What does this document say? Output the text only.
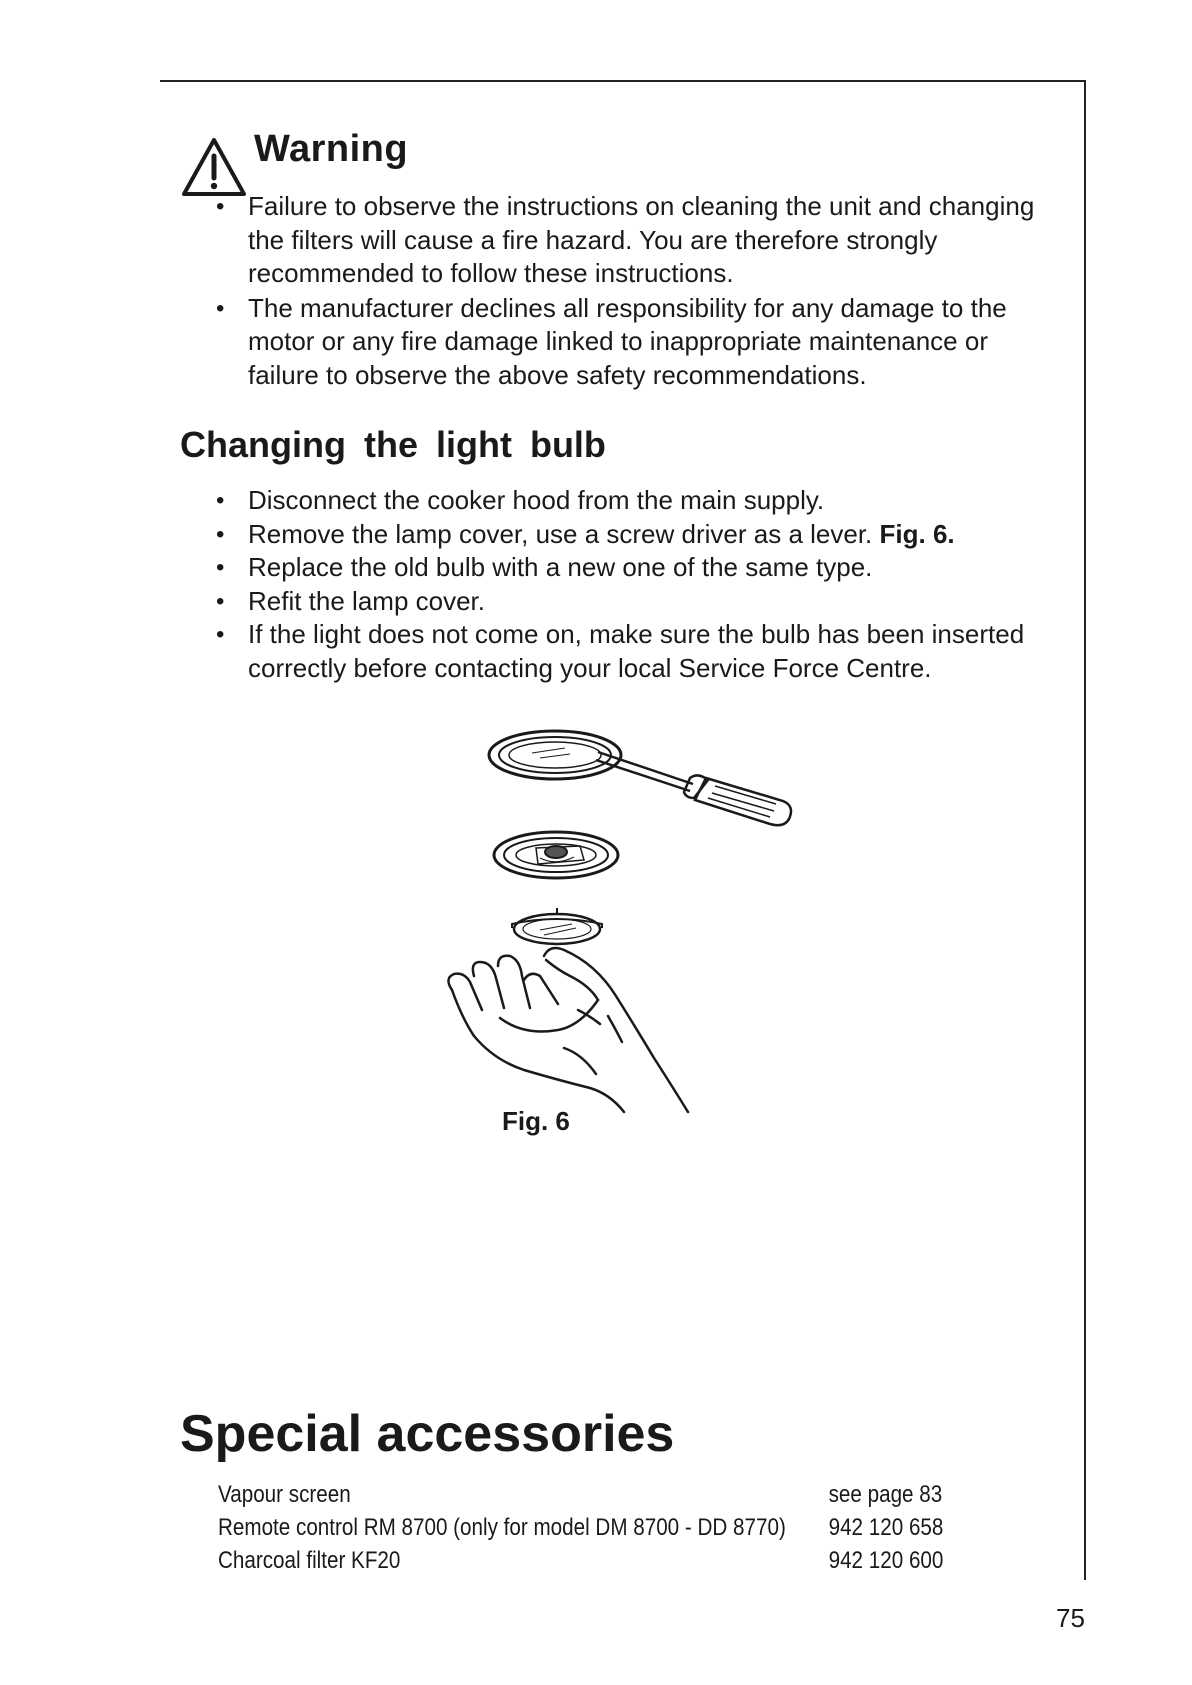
Warning
• Failure to observe the instructions on cleaning the unit and changing the filters will cause a fire hazard. You are therefore strongly recommended to follow these instructions.
• The manufacturer declines all responsibility for any damage to the motor or any fire damage linked to inappropriate maintenance or failure to observe the above safety recommendations.
Changing the light bulb
• Disconnect the cooker hood from the main supply.
• Remove the lamp cover, use a screw driver as a lever. Fig. 6.
• Replace the old bulb with a new one of the same type.
• Refit the lamp cover.
• If the light does not come on, make sure the bulb has been inserted correctly before contacting your local Service Force Centre.
Fig. 6
Special accessories
Vapour screen	see page 83
Remote control RM 8700 (only for model DM 8700 - DD 8770) 942 120 658
Charcoal filter KF20	942 120 600
75
